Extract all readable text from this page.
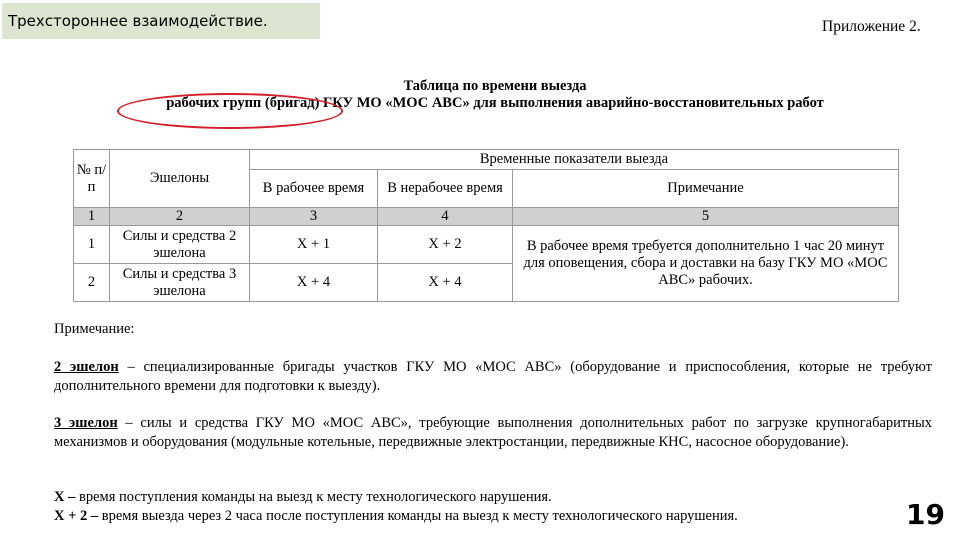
Трехстороннее взаимодействие.	Приложение 2.
Таблица по времени выезда
рабочих групп (бригад) ГКУ МО «МОС АВС» для выполнения аварийно-восстановительных работ
№ п/п	Эшелоны	Временные показатели выезда		
		В рабочее время	В нерабочее время	Примечание
1	2	3	4	5
1	Силы и средства 2 эшелона	X + 1	X + 2	В рабочее время требуется дополнительно 1 час 20 минут для оповещения, сбора и доставки на базу ГКУ МО «МОС АВС» рабочих.
2	Силы и средства 3 эшелона	X + 4	X + 4	
Примечание:
2 эшелон – специализированные бригады участков ГКУ МО «МОС АВС» (оборудование и приспособления, которые не требуют дополнительного времени для подготовки к выезду).
3 эшелон – силы и средства ГКУ МО «МОС АВС», требующие выполнения дополнительных работ по загрузке крупногабаритных механизмов и оборудования (модульные котельные, передвижные электростанции, передвижные КНС, насосное оборудование).
X – время поступления команды на выезд к месту технологического нарушения.
X + 2 – время выезда через 2 часа после поступления команды на выезд к месту технологического нарушения.	19
